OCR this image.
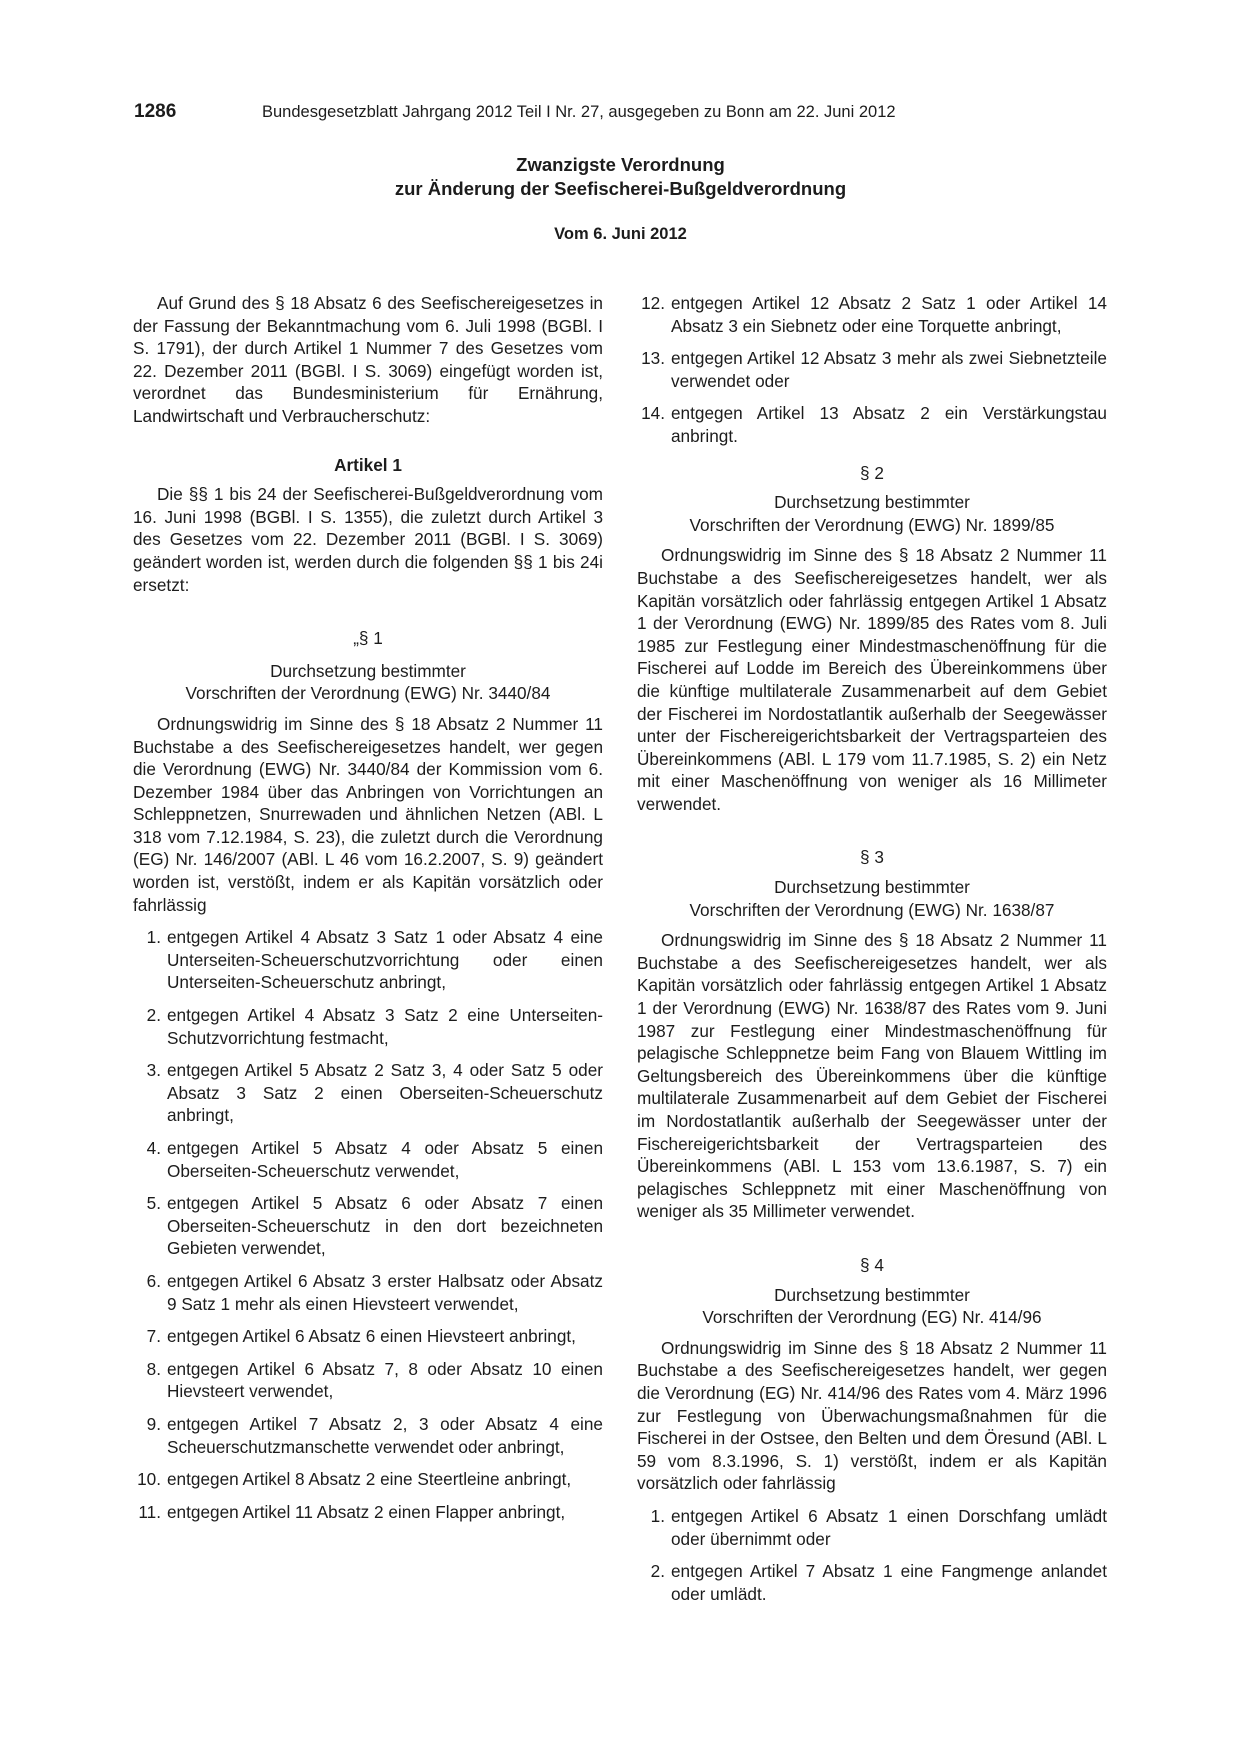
1286	Bundesgesetzblatt Jahrgang 2012 Teil I Nr. 27, ausgegeben zu Bonn am 22. Juni 2012
Zwanzigste Verordnung
zur Änderung der Seefischerei-Bußgeldverordnung
Vom 6. Juni 2012

Auf Grund des § 18 Absatz 6 des Seefischereigesetzes in der Fassung der Bekanntmachung vom 6. Juli 1998 (BGBl. I S. 1791), der durch Artikel 1 Nummer 7 des Gesetzes vom 22. Dezember 2011 (BGBl. I S. 3069) eingefügt worden ist, verordnet das Bundesministerium für Ernährung, Landwirtschaft und Verbraucherschutz:

Artikel 1

Die §§ 1 bis 24 der Seefischerei-Bußgeldverordnung vom 16. Juni 1998 (BGBl. I S. 1355), die zuletzt durch Artikel 3 des Gesetzes vom 22. Dezember 2011 (BGBl. I S. 3069) geändert worden ist, werden durch die folgenden §§ 1 bis 24i ersetzt:

„§ 1

Durchsetzung bestimmter

Vorschriften der Verordnung (EWG) Nr. 3440/84

Ordnungswidrig im Sinne des § 18 Absatz 2 Nummer 11 Buchstabe a des Seefischereigesetzes handelt, wer gegen die Verordnung (EWG) Nr. 3440/84 der Kommission vom 6. Dezember 1984 über das Anbringen von Vorrichtungen an Schleppnetzen, Snurrewaden und ähnlichen Netzen (ABl. L 318 vom 7.12.1984, S. 23), die zuletzt durch die Verordnung (EG) Nr. 146/2007 (ABl. L 46 vom 16.2.2007, S. 9) geändert worden ist, verstößt, indem er als Kapitän vorsätzlich oder fahrlässig

1. entgegen Artikel 4 Absatz 3 Satz 1 oder Absatz 4 eine Unterseiten-Scheuerschutzvorrichtung oder einen Unterseiten-Scheuerschutz anbringt,
2. entgegen Artikel 4 Absatz 3 Satz 2 eine Unterseiten-Schutzvorrichtung festmacht,
3. entgegen Artikel 5 Absatz 2 Satz 3, 4 oder Satz 5 oder Absatz 3 Satz 2 einen Oberseiten-Scheuerschutz anbringt,
4. entgegen Artikel 5 Absatz 4 oder Absatz 5 einen Oberseiten-Scheuerschutz verwendet,
5. entgegen Artikel 5 Absatz 6 oder Absatz 7 einen Oberseiten-Scheuerschutz in den dort bezeichneten Gebieten verwendet,
6. entgegen Artikel 6 Absatz 3 erster Halbsatz oder Absatz 9 Satz 1 mehr als einen Hievsteert verwendet,
7. entgegen Artikel 6 Absatz 6 einen Hievsteert anbringt,
8. entgegen Artikel 6 Absatz 7, 8 oder Absatz 10 einen Hievsteert verwendet,
9. entgegen Artikel 7 Absatz 2, 3 oder Absatz 4 eine Scheuerschutzmanschette verwendet oder anbringt,
10. entgegen Artikel 8 Absatz 2 eine Steertleine anbringt,
11. entgegen Artikel 11 Absatz 2 einen Flapper anbringt,
12. entgegen Artikel 12 Absatz 2 Satz 1 oder Artikel 14 Absatz 3 ein Siebnetz oder eine Torquette anbringt,
13. entgegen Artikel 12 Absatz 3 mehr als zwei Siebnetzteile verwendet oder
14. entgegen Artikel 13 Absatz 2 ein Verstärkungstau anbringt.

§ 2

Durchsetzung bestimmter

Vorschriften der Verordnung (EWG) Nr. 1899/85

Ordnungswidrig im Sinne des § 18 Absatz 2 Nummer 11 Buchstabe a des Seefischereigesetzes handelt, wer als Kapitän vorsätzlich oder fahrlässig entgegen Artikel 1 Absatz 1 der Verordnung (EWG) Nr. 1899/85 des Rates vom 8. Juli 1985 zur Festlegung einer Mindestmaschenöffnung für die Fischerei auf Lodde im Bereich des Übereinkommens über die künftige multilaterale Zusammenarbeit auf dem Gebiet der Fischerei im Nordostatlantik außerhalb der Seegewässer unter der Fischereigerichtsbarkeit der Vertragsparteien des Übereinkommens (ABl. L 179 vom 11.7.1985, S. 2) ein Netz mit einer Maschenöffnung von weniger als 16 Millimeter verwendet.

§ 3

Durchsetzung bestimmter

Vorschriften der Verordnung (EWG) Nr. 1638/87

Ordnungswidrig im Sinne des § 18 Absatz 2 Nummer 11 Buchstabe a des Seefischereigesetzes handelt, wer als Kapitän vorsätzlich oder fahrlässig entgegen Artikel 1 Absatz 1 der Verordnung (EWG) Nr. 1638/87 des Rates vom 9. Juni 1987 zur Festlegung einer Mindestmaschenöffnung für pelagische Schleppnetze beim Fang von Blauem Wittling im Geltungsbereich des Übereinkommens über die künftige multilaterale Zusammenarbeit auf dem Gebiet der Fischerei im Nordostatlantik außerhalb der Seegewässer unter der Fischereigerichtsbarkeit der Vertragsparteien des Übereinkommens (ABl. L 153 vom 13.6.1987, S. 7) ein pelagisches Schleppnetz mit einer Maschenöffnung von weniger als 35 Millimeter verwendet.

§ 4

Durchsetzung bestimmter

Vorschriften der Verordnung (EG) Nr. 414/96

Ordnungswidrig im Sinne des § 18 Absatz 2 Nummer 11 Buchstabe a des Seefischereigesetzes handelt, wer gegen die Verordnung (EG) Nr. 414/96 des Rates vom 4. März 1996 zur Festlegung von Überwachungsmaßnahmen für die Fischerei in der Ostsee, den Belten und dem Öresund (ABl. L 59 vom 8.3.1996, S. 1) verstößt, indem er als Kapitän vorsätzlich oder fahrlässig

1. entgegen Artikel 6 Absatz 1 einen Dorschfang umlädt oder übernimmt oder
2. entgegen Artikel 7 Absatz 1 eine Fangmenge anlandet oder umlädt.
